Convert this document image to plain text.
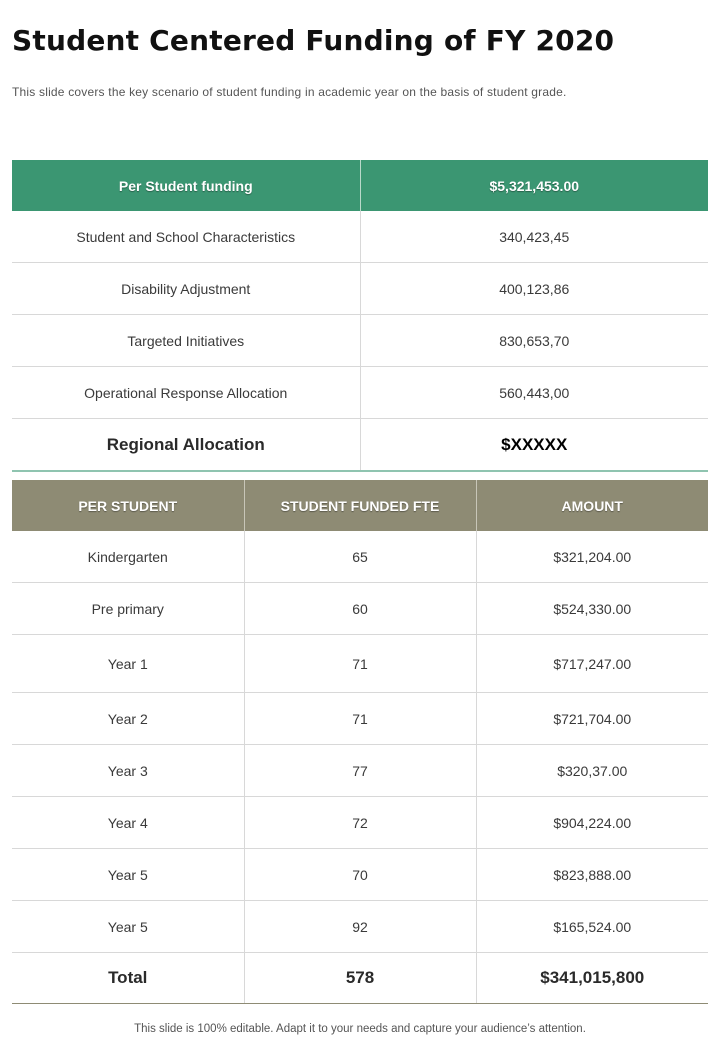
Student Centered Funding of FY 2020
This slide covers the key scenario of student funding in academic year on the basis of student grade.
Per Student funding	$5,321,453.00
Student and School Characteristics	340,423,45
Disability Adjustment	400,123,86
Targeted Initiatives	830,653,70
Operational Response Allocation	560,443,00
Regional Allocation	$XXXXX
PER STUDENT	STUDENT FUNDED FTE	AMOUNT
Kindergarten	65	$321,204.00
Pre primary	60	$524,330.00
Year 1	71	$717,247.00
Year 2	71	$721,704.00
Year 3	77	$320,37.00
Year 4	72	$904,224.00
Year 5	70	$823,888.00
Year 5	92	$165,524.00
Total	578	$341,015,800
This slide is 100% editable. Adapt it to your needs and capture your audience’s attention.
